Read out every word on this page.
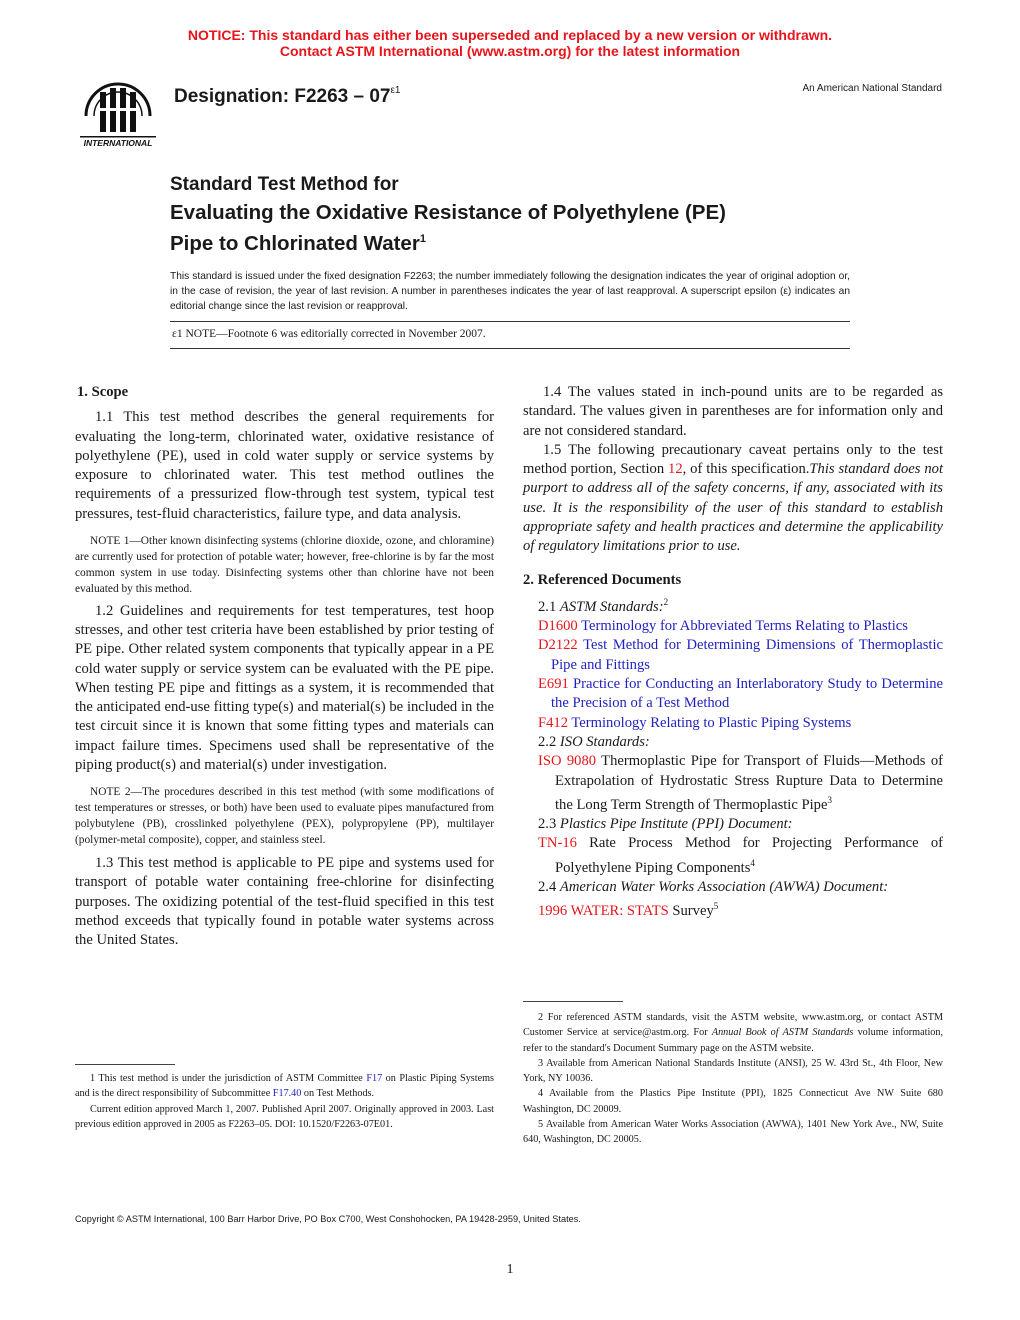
NOTICE: This standard has either been superseded and replaced by a new version or withdrawn.
Contact ASTM International (www.astm.org) for the latest information
INTERNATIONAL
Designation: $F2263 - 07^{\varepsilon 1}$	An American National Standard
Standard Test Method for
Evaluating the Oxidative Resistance of Polyethylene (PE)
Pipe to Chlorinated Water$^1$
This standard is issued under the fixed designation F2263; the number immediately following the designation indicates the year of original adoption or, in the case of revision, the year of last revision. A number in parentheses indicates the year of last reapproval. A superscript epsilon (ε) indicates an editorial change since the last revision or reapproval.
ε1 NOTE—Footnote 6 was editorially corrected in November 2007.

1. Scope

1.1 This test method describes the general requirements for evaluating the long-term, chlorinated water, oxidative resistance of polyethylene (PE), used in cold water supply or service systems by exposure to chlorinated water. This test method outlines the requirements of a pressurized flow-through test system, typical test pressures, test-fluid characteristics, failure type, and data analysis.

NOTE 1—Other known disinfecting systems (chlorine dioxide, ozone, and chloramine) are currently used for protection of potable water; however, free-chlorine is by far the most common system in use today. Disinfecting systems other than chlorine have not been evaluated by this method.

1.2 Guidelines and requirements for test temperatures, test hoop stresses, and other test criteria have been established by prior testing of PE pipe. Other related system components that typically appear in a PE cold water supply or service system can be evaluated with the PE pipe. When testing PE pipe and fittings as a system, it is recommended that the anticipated end-use fitting type(s) and material(s) be included in the test circuit since it is known that some fitting types and materials can impact failure times. Specimens used shall be representative of the piping product(s) and material(s) under investigation.

NOTE 2—The procedures described in this test method (with some modifications of test temperatures or stresses, or both) have been used to evaluate pipes manufactured from polybutylene (PB), crosslinked polyethylene (PEX), polypropylene (PP), multilayer (polymer-metal composite), copper, and stainless steel.

1.3 This test method is applicable to PE pipe and systems used for transport of potable water containing free-chlorine for disinfecting purposes. The oxidizing potential of the test-fluid specified in this test method exceeds that typically found in potable water systems across the United States.

1 This test method is under the jurisdiction of ASTM Committee F17 on Plastic Piping Systems and is the direct responsibility of Subcommittee F17.40 on Test Methods.

Current edition approved March 1, 2007. Published April 2007. Originally approved in 2003. Last previous edition approved in 2005 as F2263–05. DOI: 10.1520/F2263-07E01.

1.4 The values stated in inch-pound units are to be regarded as standard. The values given in parentheses are for information only and are not considered standard.

1.5 The following precautionary caveat pertains only to the test method portion, Section 12, of this specification.This standard does not purport to address all of the safety concerns, if any, associated with its use. It is the responsibility of the user of this standard to establish appropriate safety and health practices and determine the applicability of regulatory limitations prior to use.

2. Referenced Documents

2.1 ASTM Standards:$^2$

D1600 Terminology for Abbreviated Terms Relating to Plastics

D2122 Test Method for Determining Dimensions of Thermoplastic Pipe and Fittings

E691 Practice for Conducting an Interlaboratory Study to Determine the Precision of a Test Method

F412 Terminology Relating to Plastic Piping Systems

2.2 ISO Standards:

ISO 9080 Thermoplastic Pipe for Transport of Fluids—Methods of Extrapolation of Hydrostatic Stress Rupture Data to Determine the Long Term Strength of Thermoplastic Pipe$^3$

2.3 Plastics Pipe Institute (PPI) Document:

TN-16 Rate Process Method for Projecting Performance of Polyethylene Piping Components$^4$

2.4 American Water Works Association (AWWA) Document:

1996 WATER: STATS Survey$^5$

2 For referenced ASTM standards, visit the ASTM website, www.astm.org, or contact ASTM Customer Service at service@astm.org. For Annual Book of ASTM Standards volume information, refer to the standard's Document Summary page on the ASTM website.

3 Available from American National Standards Institute (ANSI), 25 W. 43rd St., 4th Floor, New York, NY 10036.

4 Available from the Plastics Pipe Institute (PPI), 1825 Connecticut Ave NW Suite 680 Washington, DC 20009.

5 Available from American Water Works Association (AWWA), 1401 New York Ave., NW, Suite 640, Washington, DC 20005.

Copyright © ASTM International, 100 Barr Harbor Drive, PO Box C700, West Conshohocken, PA 19428-2959, United States.
1
